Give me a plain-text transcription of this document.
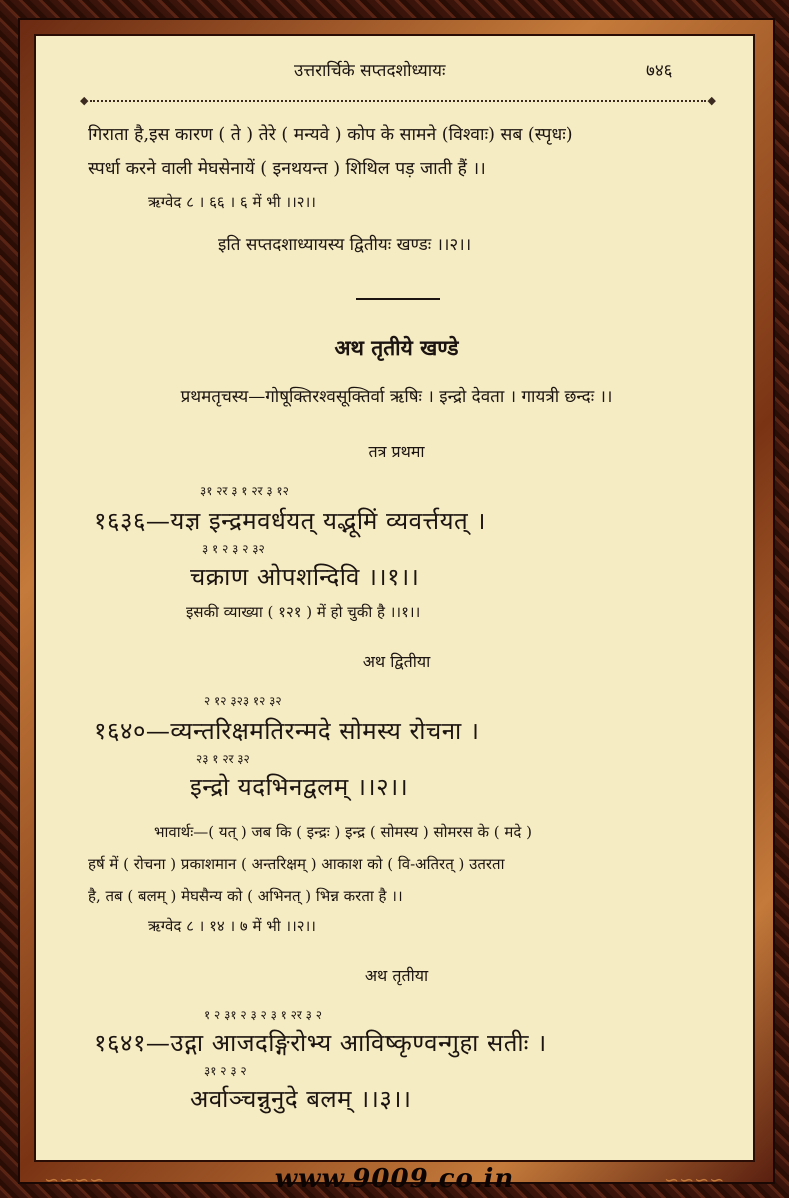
उत्तरार्चिके सप्तदशोध्यायः	७४६
◆	◆
गिराता है,इस कारण ( ते ) तेरे ( मन्यवे ) कोप के सामने (विश्वाः) सब (स्पृधः)
स्पर्धा करने वाली मेघसेनायें ( इनथयन्त ) शिथिल पड़ जाती हैं ।।
ऋग्वेद ८ । ६६ । ६ में भी ।।२।।
इति सप्तदशाध्यायस्य द्वितीयः खण्डः ।।२।।
अथ तृतीये खण्डे
प्रथमतृचस्य—गोषूक्तिरश्वसूक्तिर्वा ऋषिः । इन्द्रो देवता । गायत्री छन्दः ।।
तत्र प्रथमा
३१ २र ३ १ २र ३ १२
१६३६—यज्ञ इन्द्रमवर्धयत् यद्भूमिं व्यवर्त्तयत् ।
३ १ २ ३ २ ३२
चक्राण ओपशन्दिवि ।।१।।
इसकी व्याख्या ( १२१ ) में हो चुकी है ।।१।।
अथ द्वितीया
२ १२ ३२३ १२ ३२
१६४०—व्यन्तरिक्षमतिरन्मदे सोमस्य रोचना ।
२३ १ २र ३२
इन्द्रो यदभिनद्वलम् ।।२।।
भावार्थः—( यत् ) जब कि ( इन्द्रः ) इन्द्र ( सोमस्य ) सोमरस के ( मदे )
हर्ष में ( रोचना ) प्रकाशमान ( अन्तरिक्षम् ) आकाश को ( वि-अतिरत् ) उतरता
है, तब ( बलम् ) मेघसैन्य को ( अभिनत् ) भिन्न करता है ।।
ऋग्वेद ८ । १४ । ७ में भी ।।२।।
अथ तृतीया
१ २ ३१ २ ३ २ ३ १ २र ३ २
१६४१—उद्गा आजदङ्गिरोभ्य आविष्कृण्वन्गुहा सतीः ।
३१ २ ३ २
अर्वाञ्चन्नुनुदे बलम् ।।३।।
∽∽∽∽	www.9009.co.in	∽∽∽∽
